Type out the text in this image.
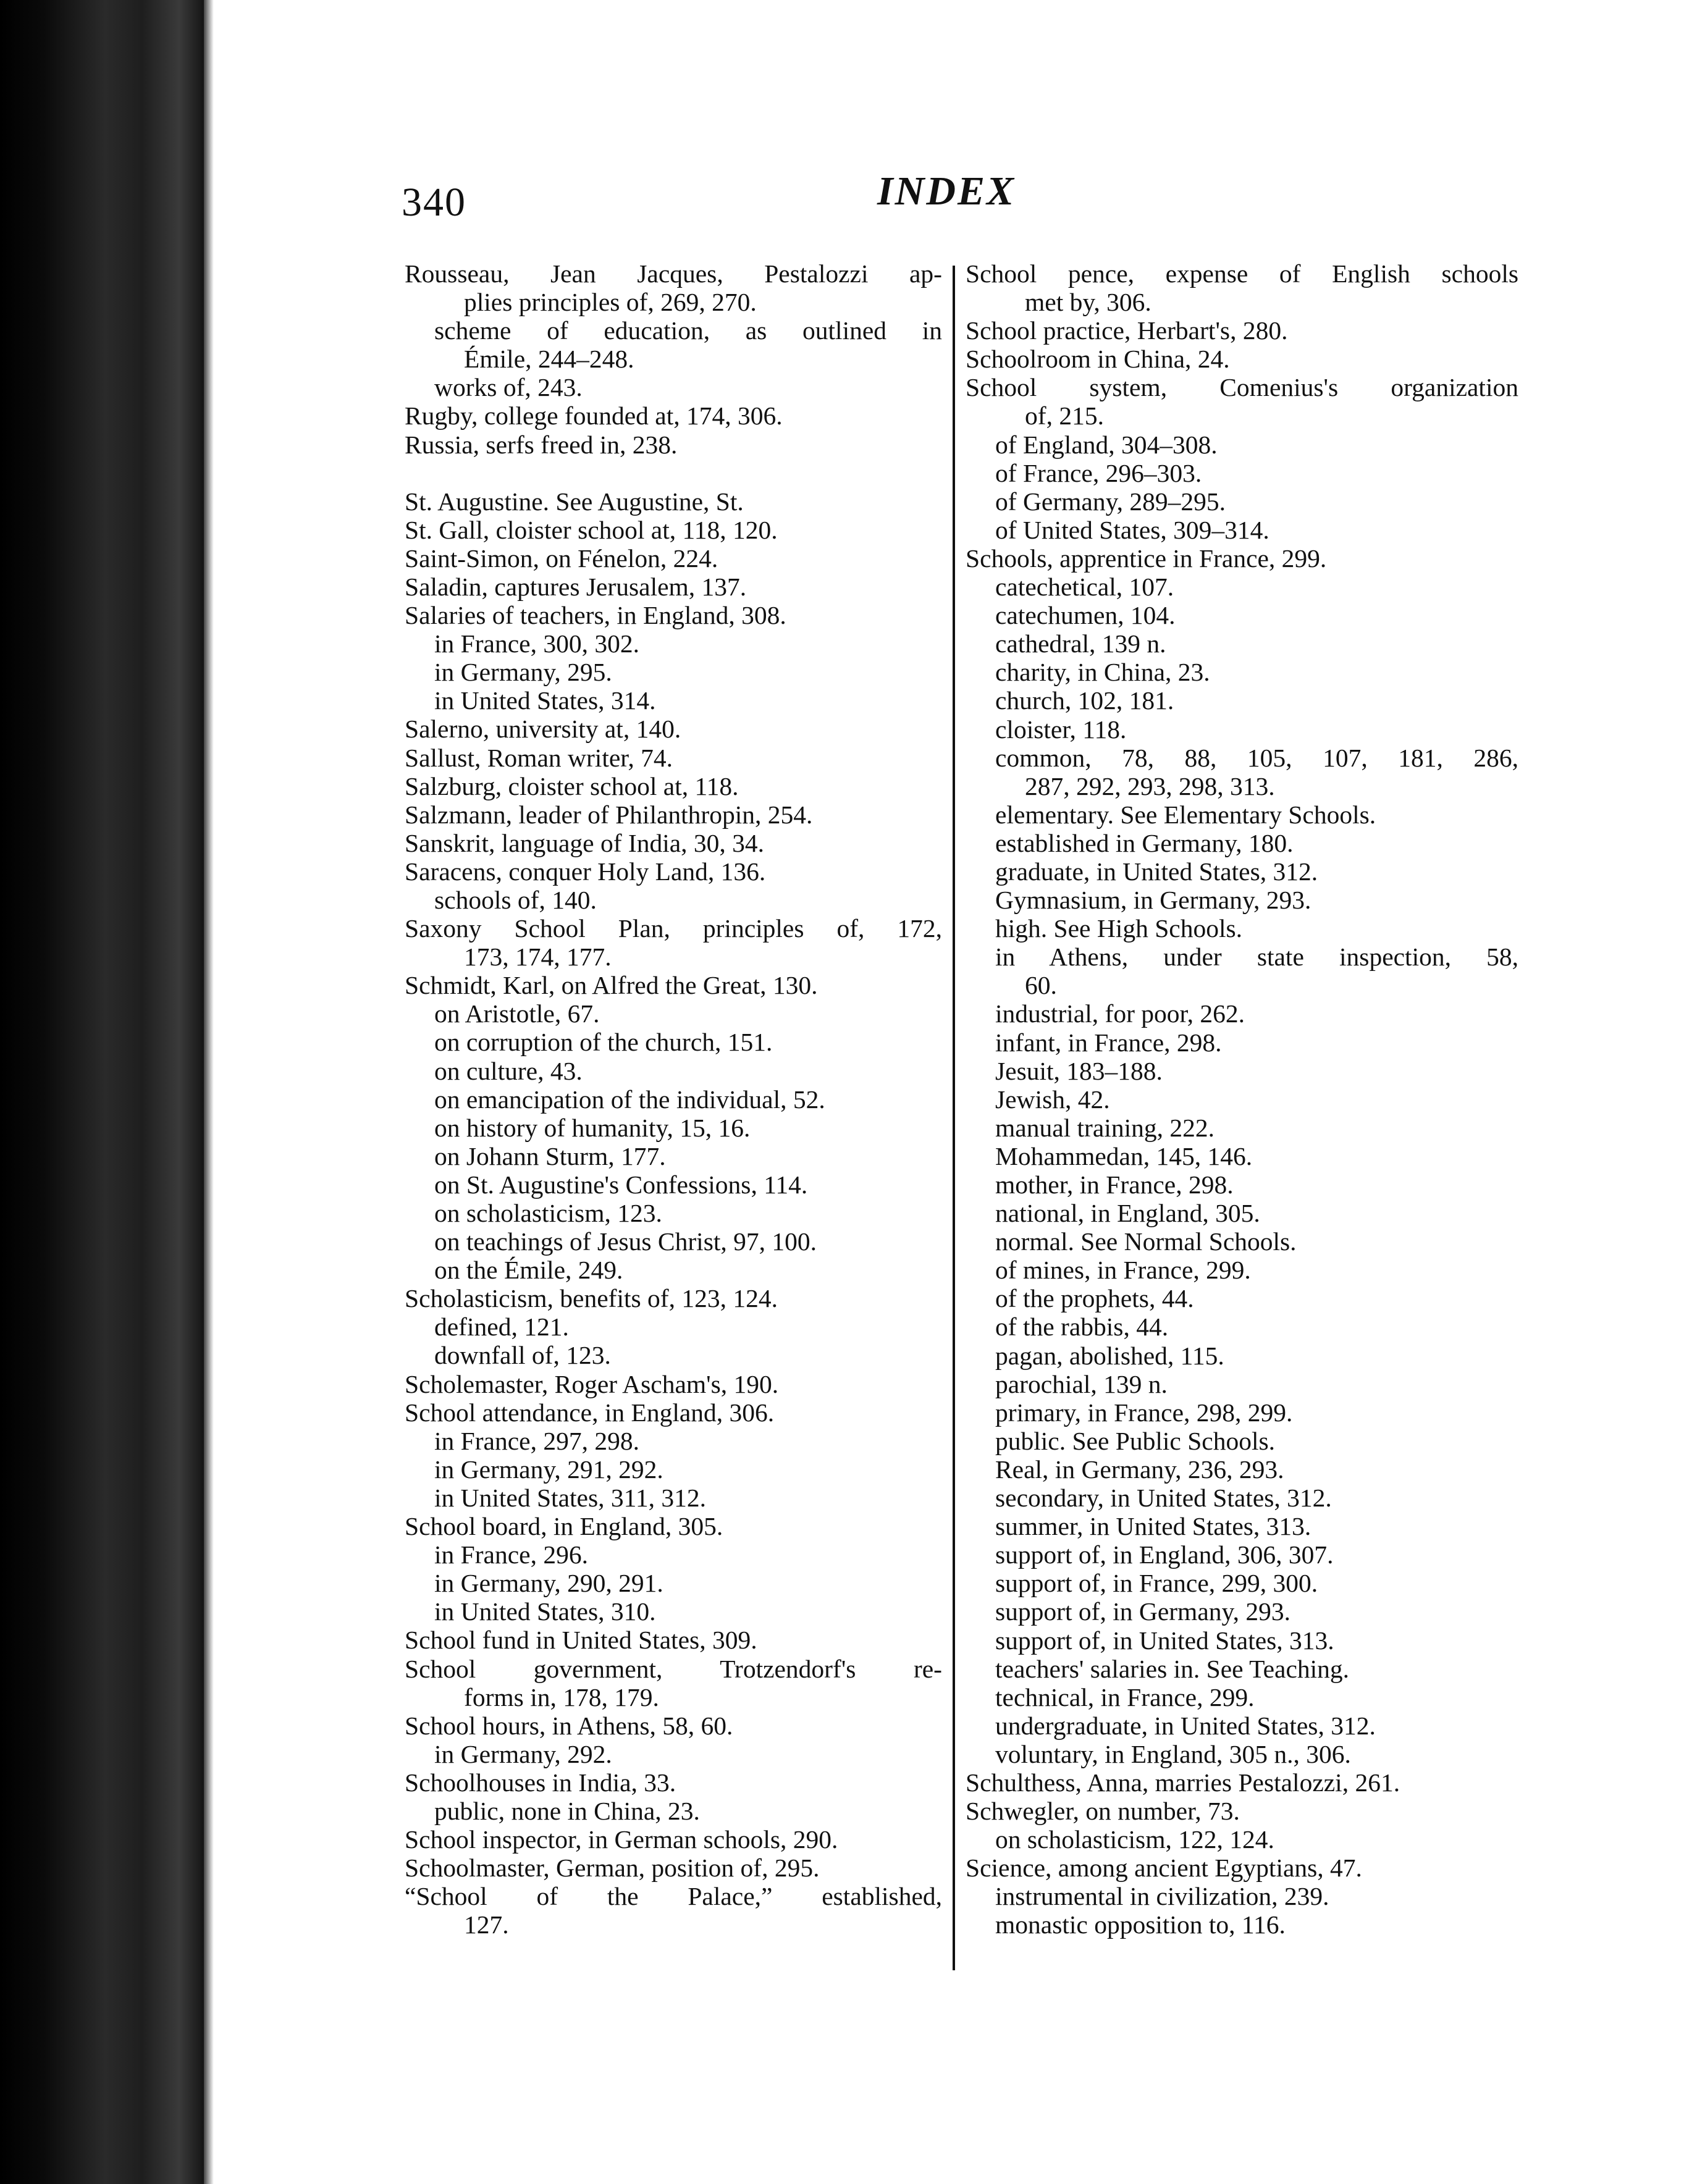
340	INDEX
Rousseau, Jean Jacques, Pestalozzi ap-
plies principles of, 269, 270.
scheme of education, as outlined in
Émile, 244–248.
works of, 243.
Rugby, college founded at, 174, 306.
Russia, serfs freed in, 238.
St. Augustine. See Augustine, St.
St. Gall, cloister school at, 118, 120.
Saint-Simon, on Fénelon, 224.
Saladin, captures Jerusalem, 137.
Salaries of teachers, in England, 308.
in France, 300, 302.
in Germany, 295.
in United States, 314.
Salerno, university at, 140.
Sallust, Roman writer, 74.
Salzburg, cloister school at, 118.
Salzmann, leader of Philanthropin, 254.
Sanskrit, language of India, 30, 34.
Saracens, conquer Holy Land, 136.
schools of, 140.
Saxony School Plan, principles of, 172,
173, 174, 177.
Schmidt, Karl, on Alfred the Great, 130.
on Aristotle, 67.
on corruption of the church, 151.
on culture, 43.
on emancipation of the individual, 52.
on history of humanity, 15, 16.
on Johann Sturm, 177.
on St. Augustine's Confessions, 114.
on scholasticism, 123.
on teachings of Jesus Christ, 97, 100.
on the Émile, 249.
Scholasticism, benefits of, 123, 124.
defined, 121.
downfall of, 123.
Scholemaster, Roger Ascham's, 190.
School attendance, in England, 306.
in France, 297, 298.
in Germany, 291, 292.
in United States, 311, 312.
School board, in England, 305.
in France, 296.
in Germany, 290, 291.
in United States, 310.
School fund in United States, 309.
School government, Trotzendorf's re-
forms in, 178, 179.
School hours, in Athens, 58, 60.
in Germany, 292.
Schoolhouses in India, 33.
public, none in China, 23.
School inspector, in German schools, 290.
Schoolmaster, German, position of, 295.
“School of the Palace,” established,
127.
School pence, expense of English schools
met by, 306.
School practice, Herbart's, 280.
Schoolroom in China, 24.
School system, Comenius's organization
of, 215.
of England, 304–308.
of France, 296–303.
of Germany, 289–295.
of United States, 309–314.
Schools, apprentice in France, 299.
catechetical, 107.
catechumen, 104.
cathedral, 139 n.
charity, in China, 23.
church, 102, 181.
cloister, 118.
common, 78, 88, 105, 107, 181, 286,
287, 292, 293, 298, 313.
elementary. See Elementary Schools.
established in Germany, 180.
graduate, in United States, 312.
Gymnasium, in Germany, 293.
high. See High Schools.
in Athens, under state inspection, 58,
60.
industrial, for poor, 262.
infant, in France, 298.
Jesuit, 183–188.
Jewish, 42.
manual training, 222.
Mohammedan, 145, 146.
mother, in France, 298.
national, in England, 305.
normal. See Normal Schools.
of mines, in France, 299.
of the prophets, 44.
of the rabbis, 44.
pagan, abolished, 115.
parochial, 139 n.
primary, in France, 298, 299.
public. See Public Schools.
Real, in Germany, 236, 293.
secondary, in United States, 312.
summer, in United States, 313.
support of, in England, 306, 307.
support of, in France, 299, 300.
support of, in Germany, 293.
support of, in United States, 313.
teachers' salaries in. See Teaching.
technical, in France, 299.
undergraduate, in United States, 312.
voluntary, in England, 305 n., 306.
Schulthess, Anna, marries Pestalozzi, 261.
Schwegler, on number, 73.
on scholasticism, 122, 124.
Science, among ancient Egyptians, 47.
instrumental in civilization, 239.
monastic opposition to, 116.
